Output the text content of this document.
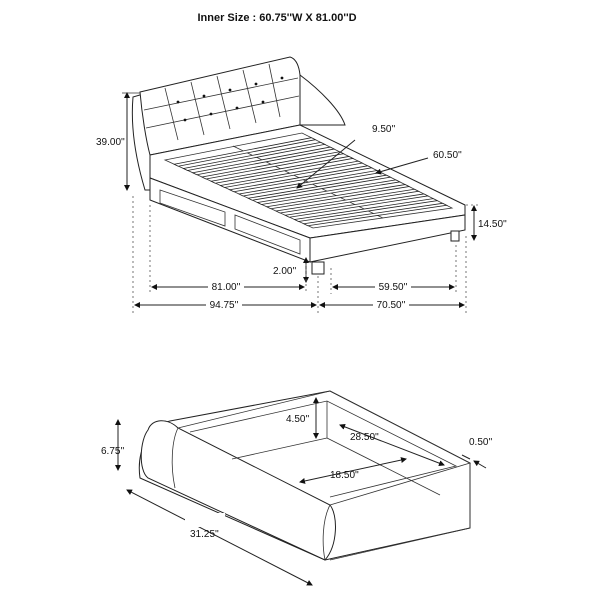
Inner Size : 60.75''W X 81.00''D
39.00''
9.50''
60.50''
14.50''
2.00''
81.00''	59.50''
94.75''	70.50''
6.75''
4.50''
28.50''	0.50''
18.50''
31.25''
